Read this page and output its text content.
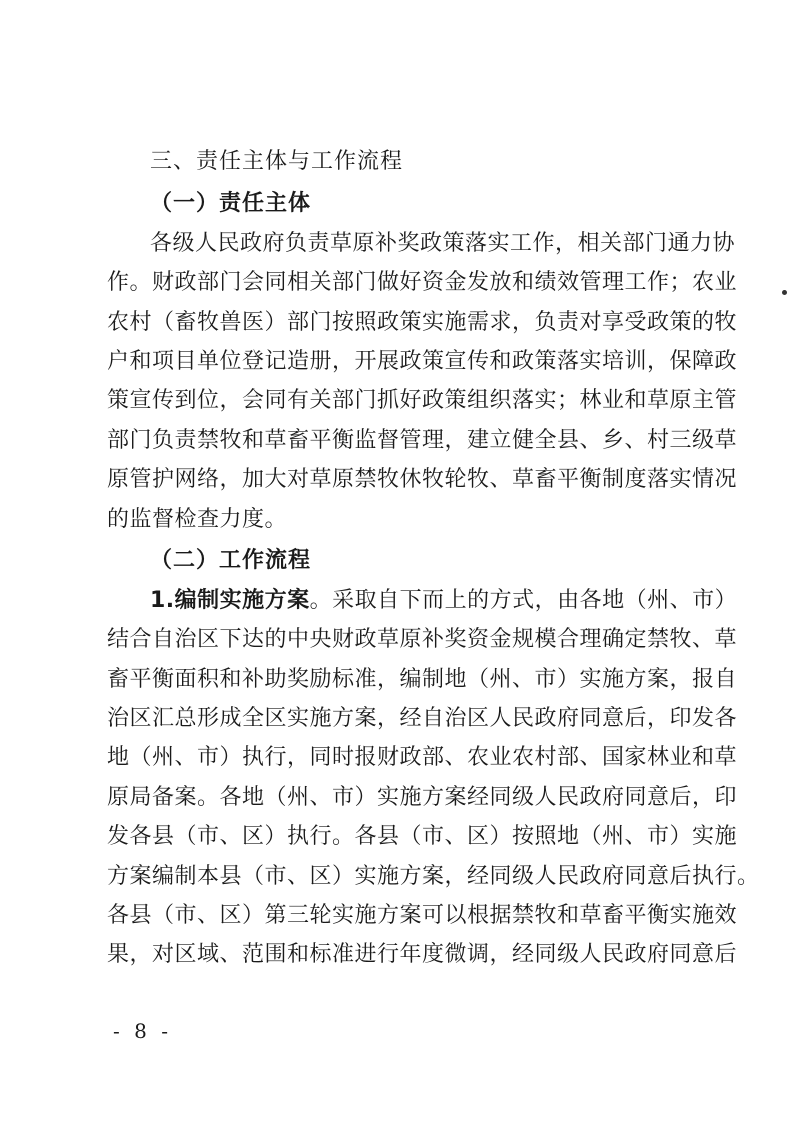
三、责任主体与工作流程
（一）责任主体
各级人民政府负责草原补奖政策落实工作，相关部门通力协
作。财政部门会同相关部门做好资金发放和绩效管理工作；农业
农村（畜牧兽医）部门按照政策实施需求，负责对享受政策的牧
户和项目单位登记造册，开展政策宣传和政策落实培训，保障政
策宣传到位，会同有关部门抓好政策组织落实；林业和草原主管
部门负责禁牧和草畜平衡监督管理，建立健全县、乡、村三级草
原管护网络，加大对草原禁牧休牧轮牧、草畜平衡制度落实情况
的监督检查力度。
（二）工作流程
1.编制实施方案。采取自下而上的方式，由各地（州、市）
结合自治区下达的中央财政草原补奖资金规模合理确定禁牧、草
畜平衡面积和补助奖励标准，编制地（州、市）实施方案，报自
治区汇总形成全区实施方案，经自治区人民政府同意后，印发各
地（州、市）执行，同时报财政部、农业农村部、国家林业和草
原局备案。各地（州、市）实施方案经同级人民政府同意后，印
发各县（市、区）执行。各县（市、区）按照地（州、市）实施
方案编制本县（市、区）实施方案，经同级人民政府同意后执行。
各县（市、区）第三轮实施方案可以根据禁牧和草畜平衡实施效
果，对区域、范围和标准进行年度微调，经同级人民政府同意后
- 8 -
